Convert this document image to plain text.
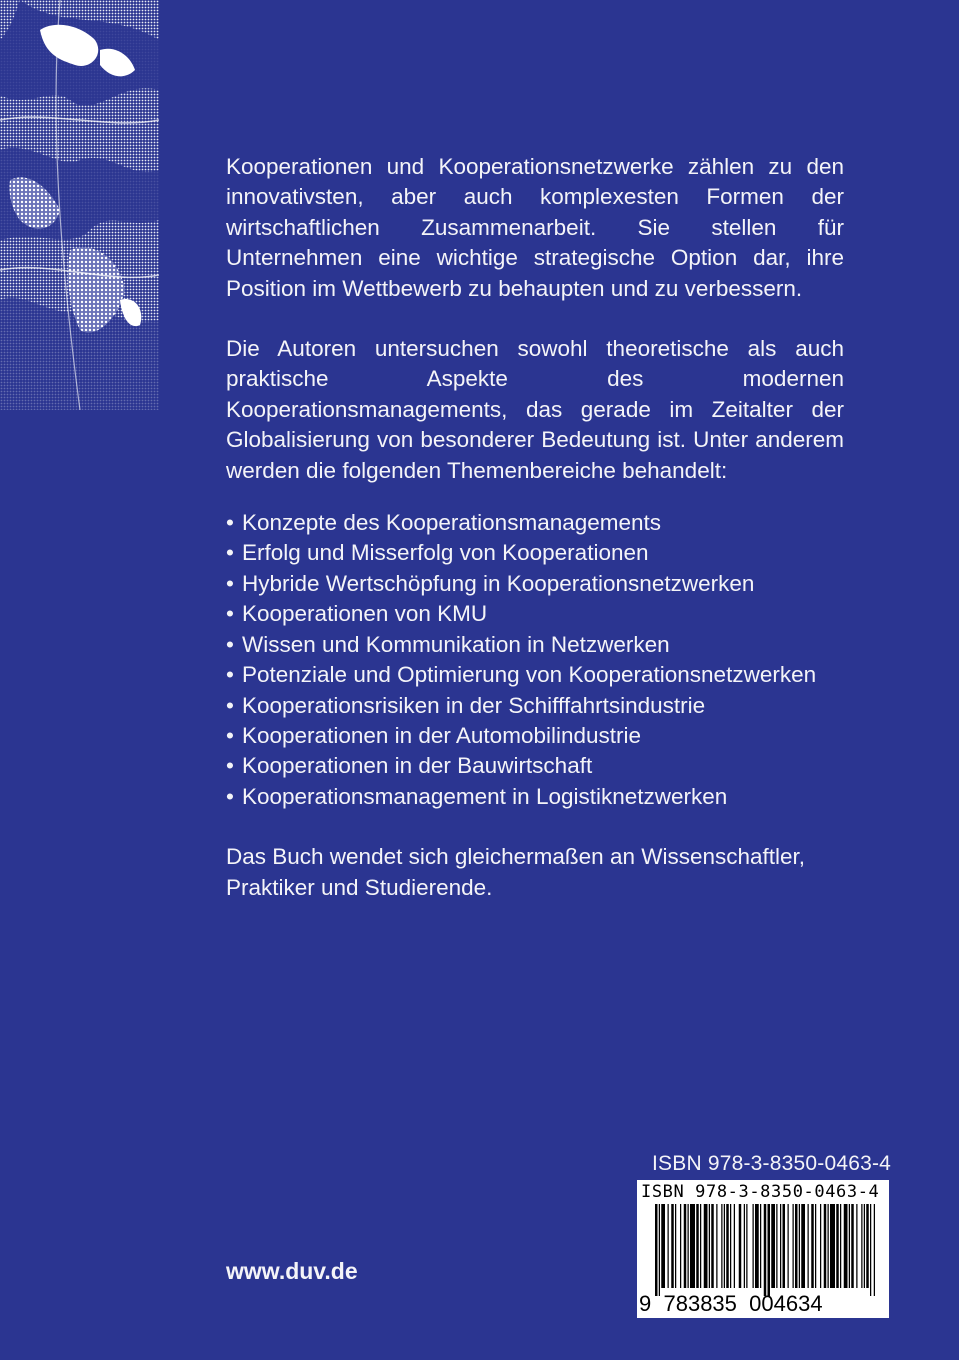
Kooperationen und Kooperationsnetzwerke zählen zu den innovativsten, aber auch komplexesten Formen der wirtschaftlichen Zusammenarbeit. Sie stellen für Unternehmen eine wichtige strategische Option dar, ihre Position im Wettbewerb zu behaupten und zu verbessern.

Die Autoren untersuchen sowohl theoretische als auch praktische Aspekte des modernen Kooperationsmanagements, das gerade im Zeitalter der Globalisierung von besonderer Bedeutung ist. Unter anderem werden die folgenden Themenbereiche behandelt:

• Konzepte des Kooperationsmanagements
• Erfolg und Misserfolg von Kooperationen
• Hybride Wertschöpfung in Kooperationsnetzwerken
• Kooperationen von KMU
• Wissen und Kommunikation in Netzwerken
• Potenziale und Optimierung von Kooperationsnetzwerken
• Kooperationsrisiken in der Schifffahrtsindustrie
• Kooperationen in der Automobilindustrie
• Kooperationen in der Bauwirtschaft
• Kooperationsmanagement in Logistiknetzwerken

Das Buch wendet sich gleichermaßen an Wissenschaftler, Praktiker und Studierende.

www.duv.de
ISBN 978-3-8350-0463-4
ISBN 978-3-8350-0463-4
9 783835 004634
